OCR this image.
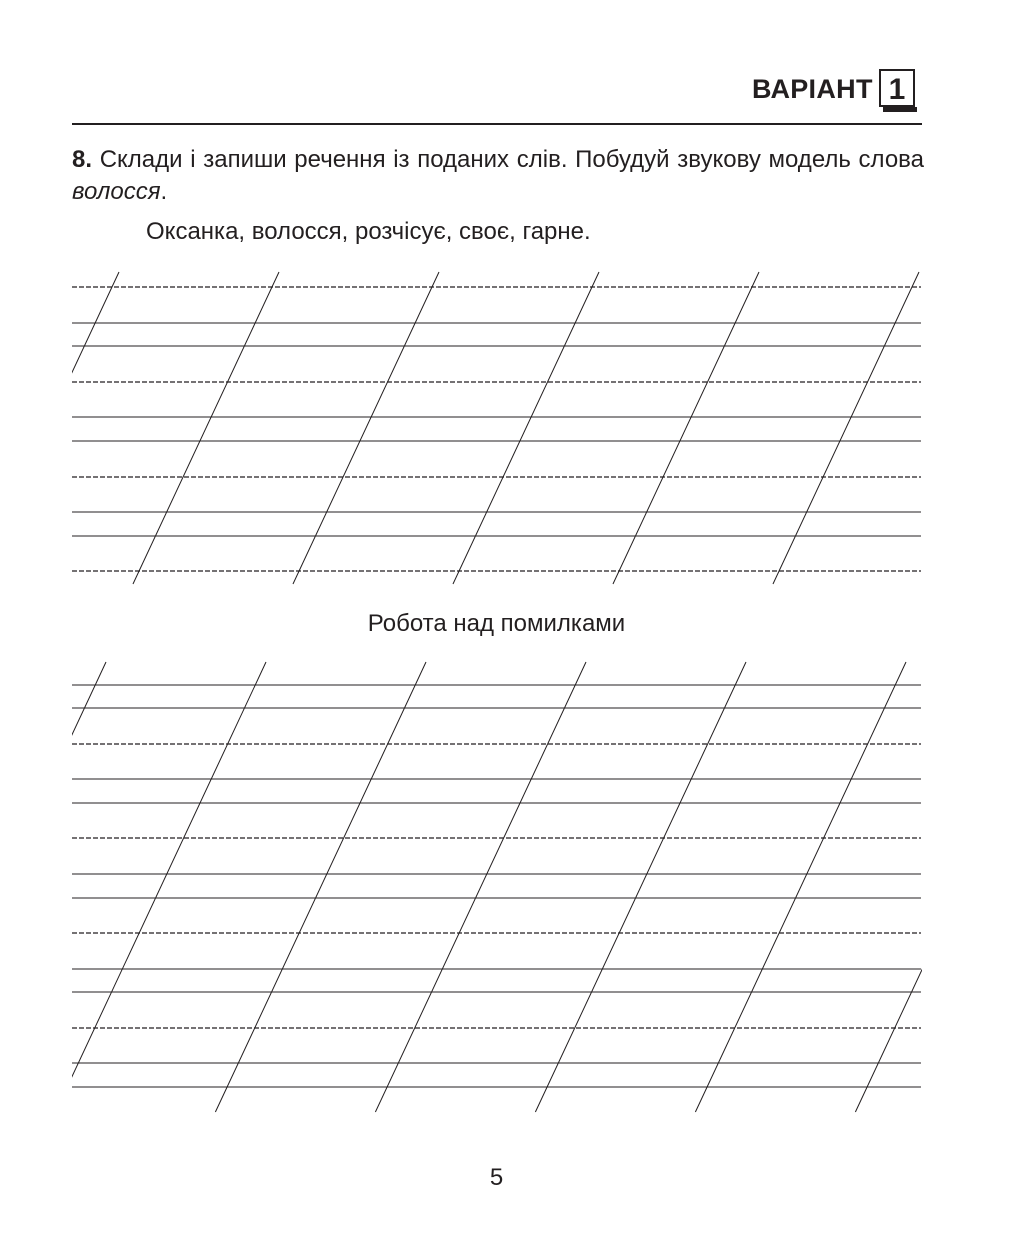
ВАРІАНТ 1
8. Склади і запиши речення із поданих слів. Побудуй звукову модель слова волосся.
Оксанка, волосся, розчісує, своє, гарне.
Робота над помилками
5
